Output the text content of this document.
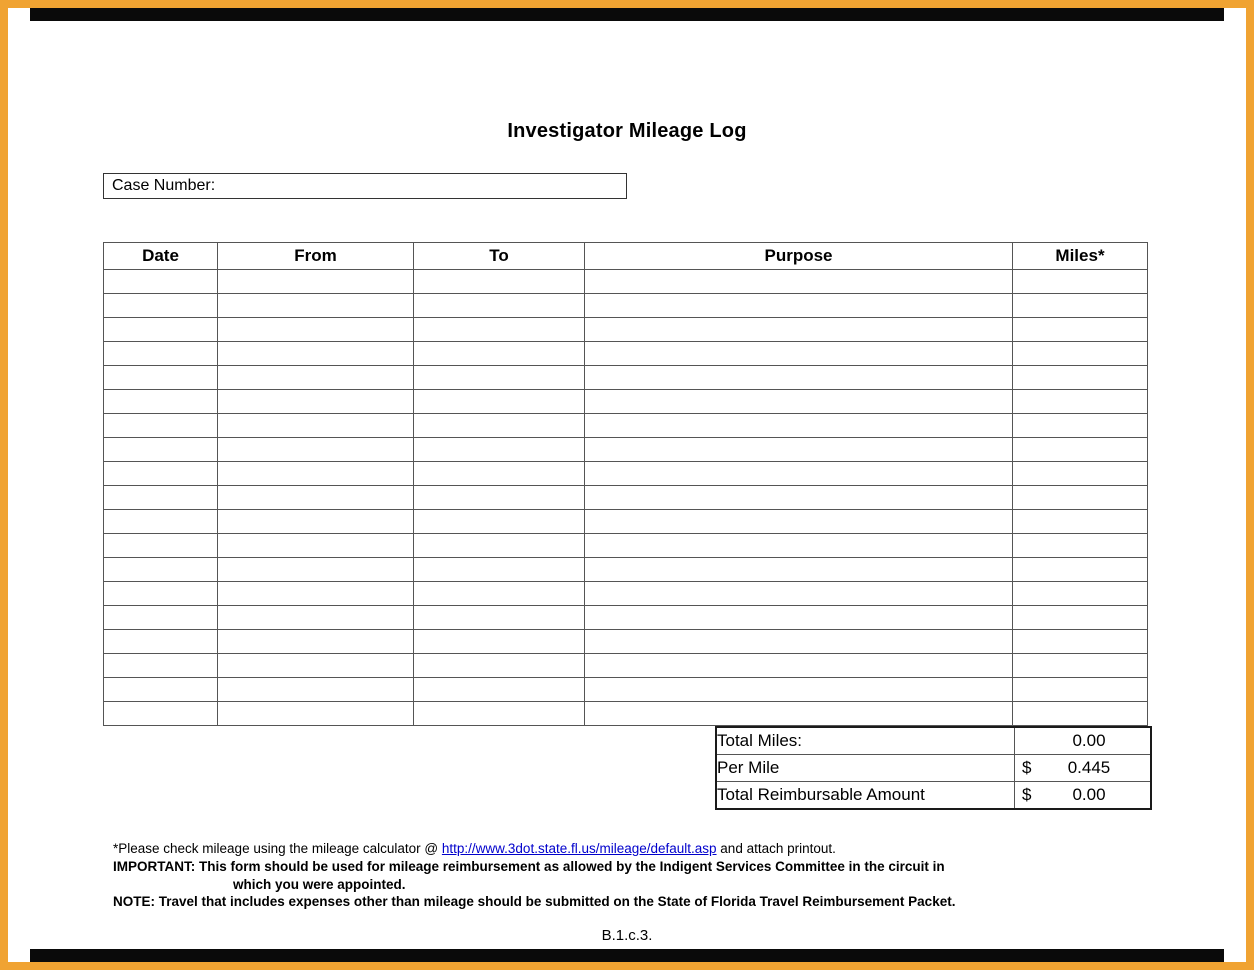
Investigator Mileage Log
Case Number:
Date	From	To	Purpose	Miles*

Total Miles:	0.00

Per Mile	$ 0.445

Total Reimbursable Amount	$ 0.00
*Please check mileage using the mileage calculator @ http://www.3dot.state.fl.us/mileage/default.asp and attach printout.
IMPORTANT: This form should be used for mileage reimbursement as allowed by the Indigent Services Committee in the circuit in
which you were appointed.
NOTE: Travel that includes expenses other than mileage should be submitted on the State of Florida Travel Reimbursement Packet.
B.1.c.3.
